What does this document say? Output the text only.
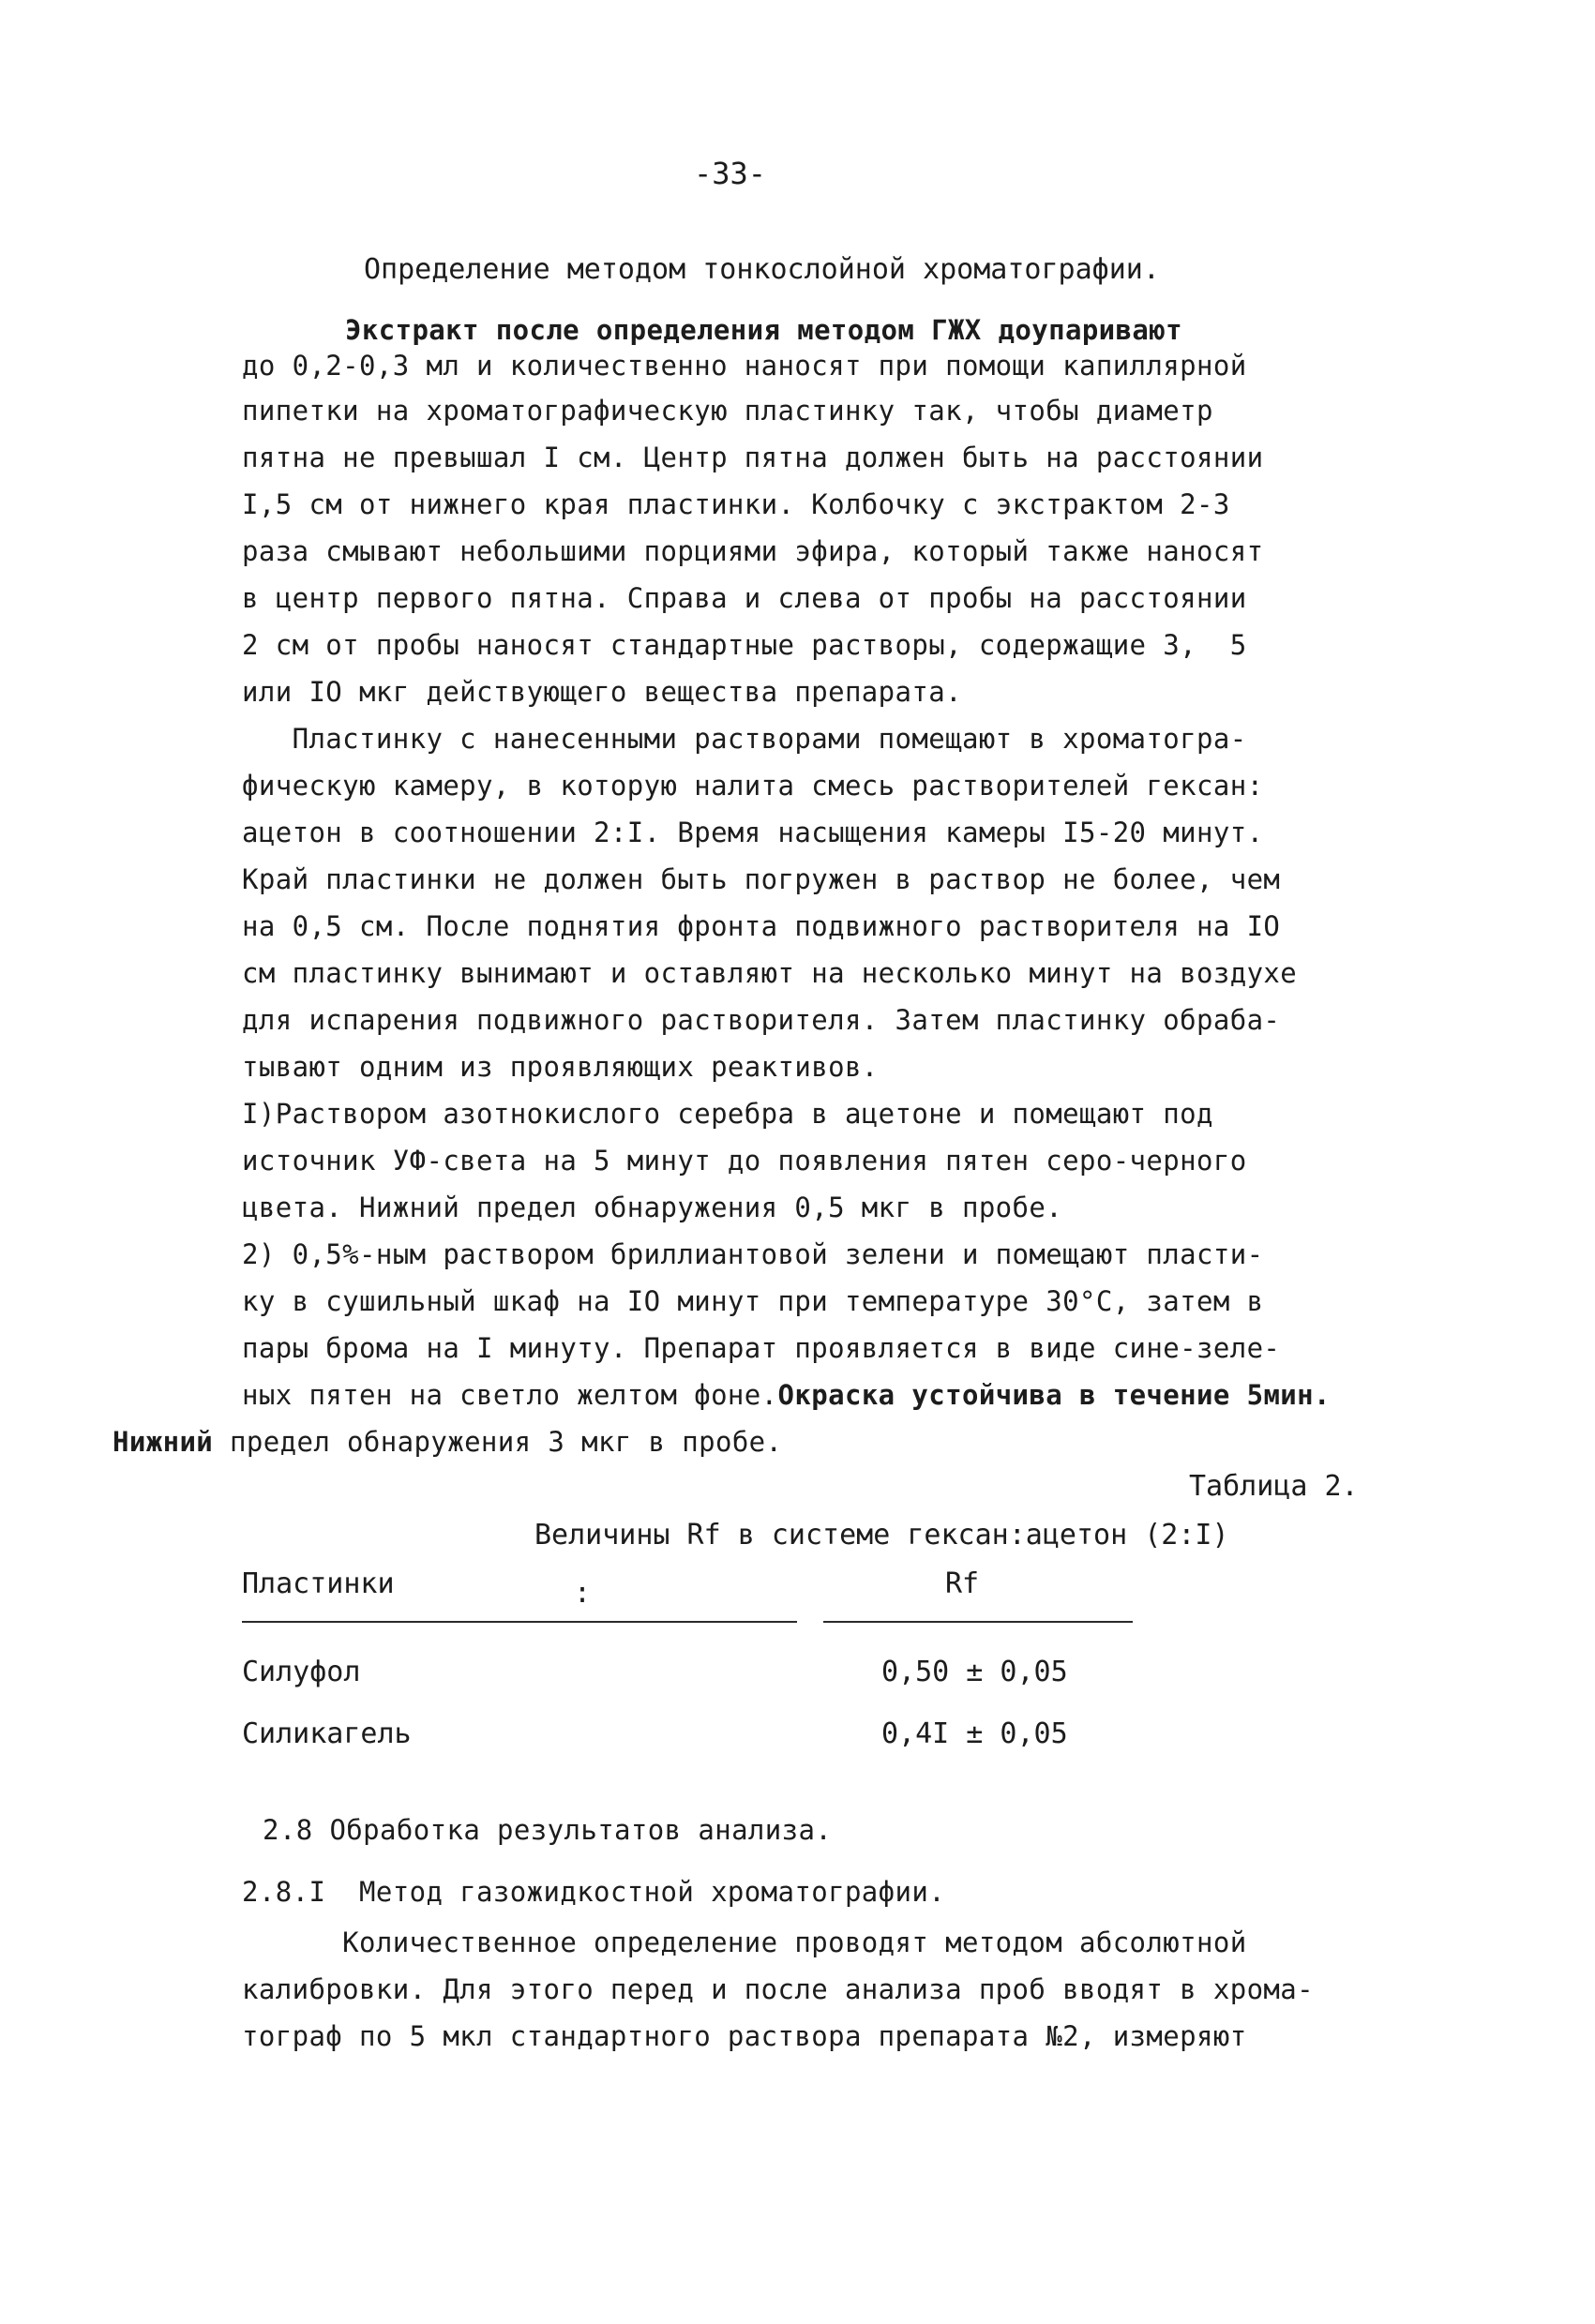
-33-
Определение методом тонкослойной хроматографии.
Экстракт после определения методом ГЖХ доупаривают
до 0,2-0,3 мл и количественно наносят при помощи капиллярной
пипетки на хроматографическую пластинку так, чтобы диаметр
пятна не превышал I см. Центр пятна должен быть на расстоянии
I,5 см от нижнего края пластинки. Колбочку с экстрактом 2-3
раза смывают небольшими порциями эфира, который также наносят
в центр первого пятна. Справа и слева от пробы на расстоянии
2 см от пробы наносят стандартные растворы, содержащие 3,  5
или IO мкг действующего вещества препарата.
Пластинку с нанесенными растворами помещают в хроматогра-
фическую камеру, в которую налита смесь растворителей гексан:
ацетон в соотношении 2:I. Время насыщения камеры I5-20 минут.
Край пластинки не должен быть погружен в раствор не более, чем
на 0,5 см. После поднятия фронта подвижного растворителя на IO
см пластинку вынимают и оставляют на несколько минут на воздухе
для испарения подвижного растворителя. Затем пластинку обраба-
тывают одним из проявляющих реактивов.
I)Раствором азотнокислого серебра в ацетоне и помещают под
источник УФ-света на 5 минут до появления пятен серо-черного
цвета. Нижний предел обнаружения 0,5 мкг в пробе.
2) 0,5%-ным раствором бриллиантовой зелени и помещают пласти-
ку в сушильный шкаф на IO минут при температуре 30°С, затем в
пары брома на I минуту. Препарат проявляется в виде сине-зеле-
ных пятен на светло желтом фоне.Окраска устойчива в течение 5мин.
Нижний предел обнаружения 3 мкг в пробе.
Таблица 2.
Величины Rf в системе гексан:ацетон (2:I)
Пластинки	:	Rf
Силуфол	0,50 ± 0,05
Силикагель	0,4I ± 0,05
2.8 Обработка результатов анализа.
2.8.I  Метод газожидкостной хроматографии.
Количественное определение проводят методом абсолютной
калибровки. Для этого перед и после анализа проб вводят в хрома-
тограф по 5 мкл стандартного раствора препарата №2, измеряют
